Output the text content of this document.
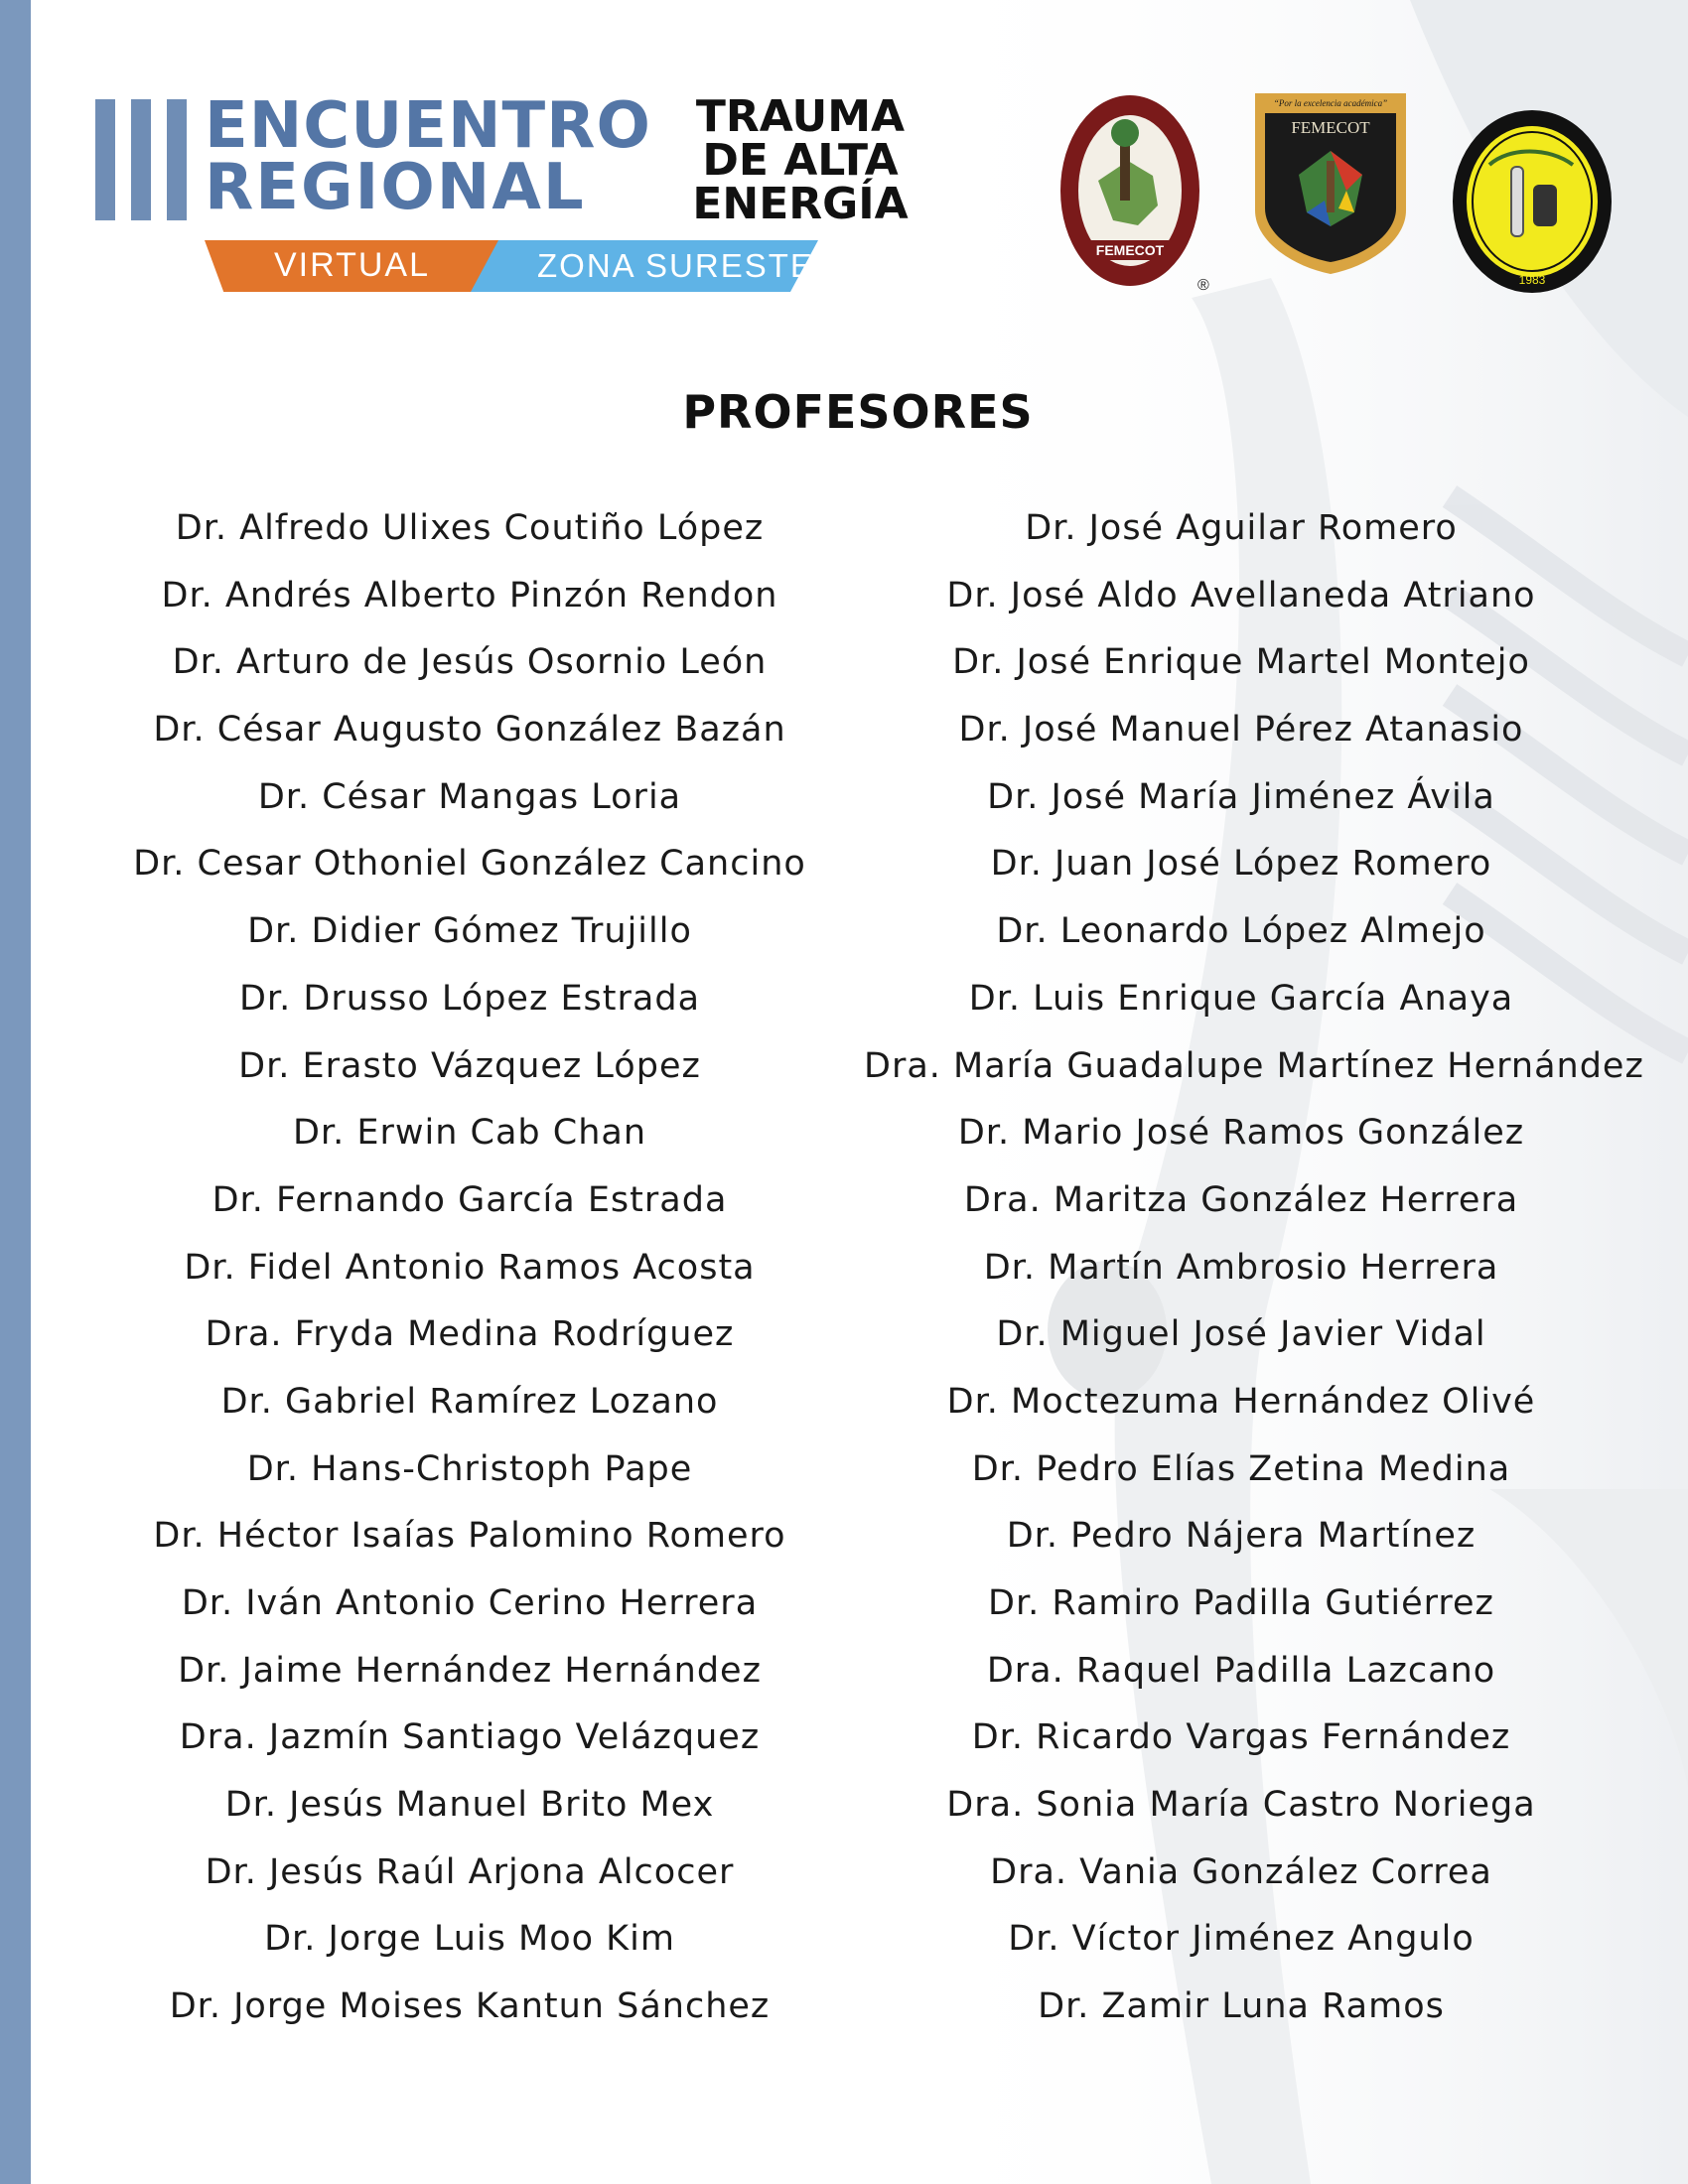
ENCUENTRO
REGIONAL
TRAUMA
DE ALTA
ENERGÍA
VIRTUAL	ZONA SURESTE	FEMECOT
®
“Por la excelencia académica”
FEMECOT
1983
PROFESORES
Dr. Alfredo Ulixes Coutiño López
Dr. Andrés Alberto Pinzón Rendon
Dr. Arturo de Jesús Osornio León
Dr. César Augusto González Bazán
Dr. César Mangas Loria
Dr. Cesar Othoniel González Cancino
Dr. Didier Gómez Trujillo
Dr. Drusso López Estrada
Dr. Erasto Vázquez López
Dr. Erwin Cab Chan
Dr. Fernando García Estrada
Dr. Fidel Antonio Ramos Acosta
Dra. Fryda Medina Rodríguez
Dr. Gabriel Ramírez Lozano
Dr. Hans-Christoph Pape
Dr. Héctor Isaías Palomino Romero
Dr. Iván Antonio Cerino Herrera
Dr. Jaime Hernández Hernández
Dra. Jazmín Santiago Velázquez
Dr. Jesús Manuel Brito Mex
Dr. Jesús Raúl Arjona Alcocer
Dr. Jorge Luis Moo Kim
Dr. Jorge Moises Kantun Sánchez
Dr. José Aguilar Romero
Dr. José Aldo Avellaneda Atriano
Dr. José Enrique Martel Montejo
Dr. José Manuel Pérez Atanasio
Dr. José María Jiménez Ávila
Dr. Juan José López Romero
Dr. Leonardo López Almejo
Dr. Luis Enrique García Anaya
Dra. María Guadalupe Martínez Hernández
Dr. Mario José Ramos González
Dra. Maritza González Herrera
Dr. Martín Ambrosio Herrera
Dr. Miguel José Javier Vidal
Dr. Moctezuma Hernández Olivé
Dr. Pedro Elías Zetina Medina
Dr. Pedro Nájera Martínez
Dr. Ramiro Padilla Gutiérrez
Dra. Raquel Padilla Lazcano
Dr. Ricardo Vargas Fernández
Dra. Sonia María Castro Noriega
Dra. Vania González Correa
Dr. Víctor Jiménez Angulo
Dr. Zamir Luna Ramos
